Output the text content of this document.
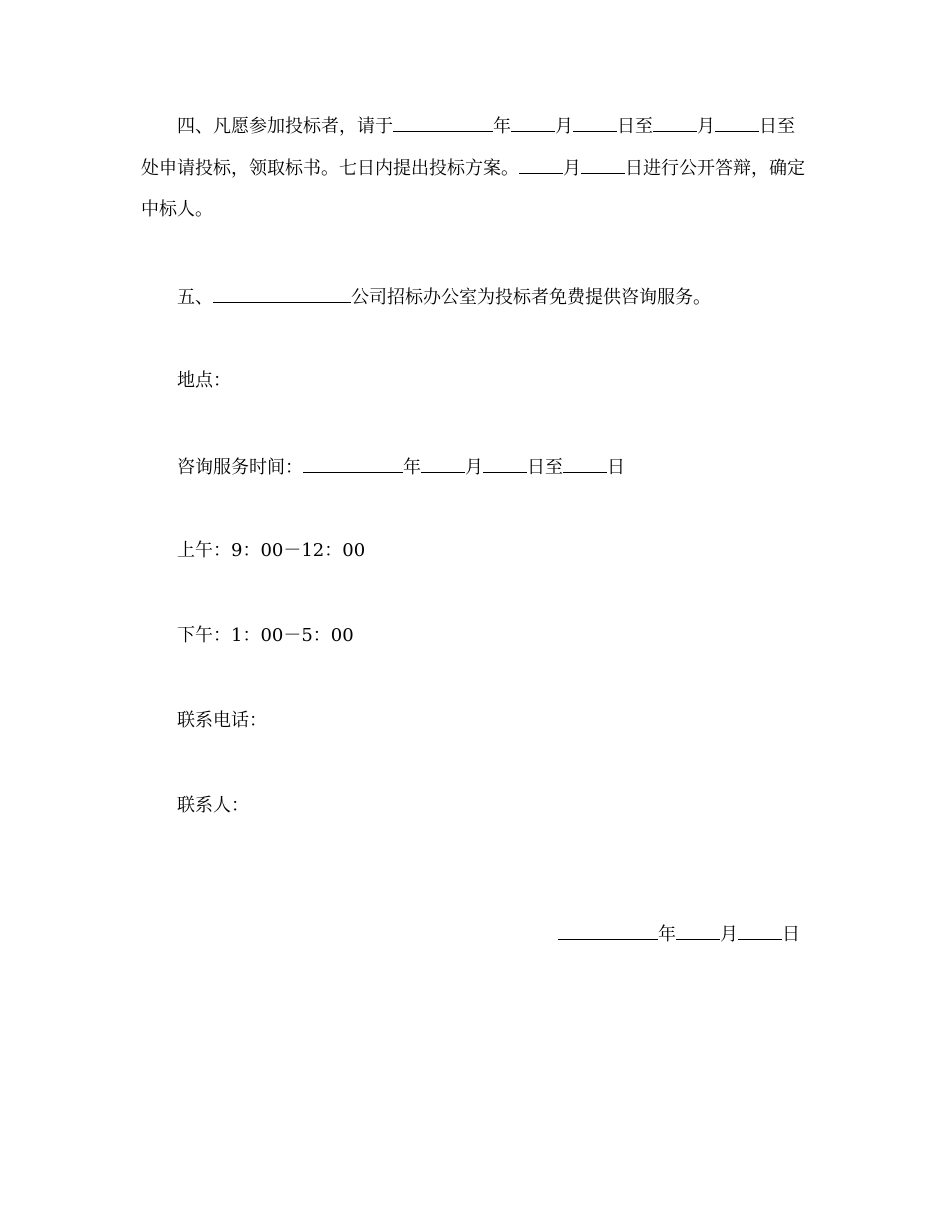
四、凡愿参加投标者，请于	年 月 日至 月 日至
处申请投标，领取标书。七日内提出投标方案。 月 日进行公开答辩，确定
中标人。
五、	公司招标办公室为投标者免费提供咨询服务。
地点：
咨询服务时间：	年 月 日至 日
上午：9：00－12：00
下午：1：00－5：00
联系电话：
联系人：
年 月 日
